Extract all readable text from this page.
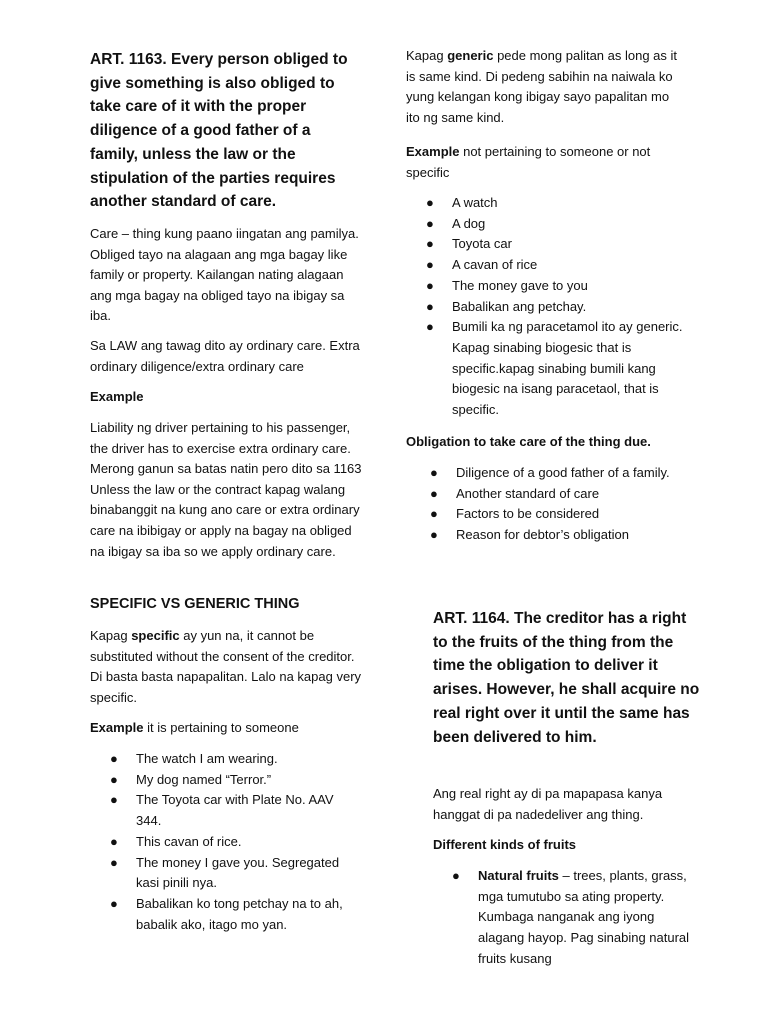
ART. 1163. Every person obliged to give something is also obliged to take care of it with the proper diligence of a good father of a family, unless the law or the stipulation of the parties requires another standard of care.

Care – thing kung paano iingatan ang pamilya. Obliged tayo na alagaan ang mga bagay like family or property. Kailangan nating alagaan ang mga bagay na obliged tayo na ibigay sa iba.

Sa LAW ang tawag dito ay ordinary care. Extra ordinary diligence/extra ordinary care

Example

Liability ng driver pertaining to his passenger, the driver has to exercise extra ordinary care. Merong ganun sa batas natin pero dito sa 1163 Unless the law or the contract kapag walang binabanggit na kung ano care or extra ordinary care na ibibigay or apply na bagay na obliged na ibigay sa iba so we apply ordinary care.

SPECIFIC VS GENERIC THING

Kapag specific ay yun na, it cannot be substituted without the consent of the creditor. Di basta basta napapalitan. Lalo na kapag very specific.

Example it is pertaining to someone

● The watch I am wearing.
● My dog named “Terror.”
● The Toyota car with Plate No. AAV 344.
● This cavan of rice.
● The money I gave you. Segregated kasi pinili nya.
● Babalikan ko tong petchay na to ah, babalik ako, itago mo yan.

Kapag generic pede mong palitan as long as it is same kind. Di pedeng sabihin na naiwala ko yung kelangan kong ibigay sayo papalitan mo ito ng same kind.

Example not pertaining to someone or not specific

● A watch
● A dog
● Toyota car
● A cavan of rice
● The money gave to you
● Babalikan ang petchay.
● Bumili ka ng paracetamol ito ay generic. Kapag sinabing biogesic that is specific.kapag sinabing bumili kang biogesic na isang paracetaol, that is specific.

Obligation to take care of the thing due.

● Diligence of a good father of a family.
● Another standard of care
● Factors to be considered
● Reason for debtor’s obligation

ART. 1164. The creditor has a right to the fruits of the thing from the time the obligation to deliver it arises. However, he shall acquire no real right over it until the same has been delivered to him.

Ang real right ay di pa mapapasa kanya hanggat di pa nadedeliver ang thing.

Different kinds of fruits

● Natural fruits – trees, plants, grass, mga tumutubo sa ating property. Kumbaga nanganak ang iyong alagang hayop. Pag sinabing natural fruits kusang
